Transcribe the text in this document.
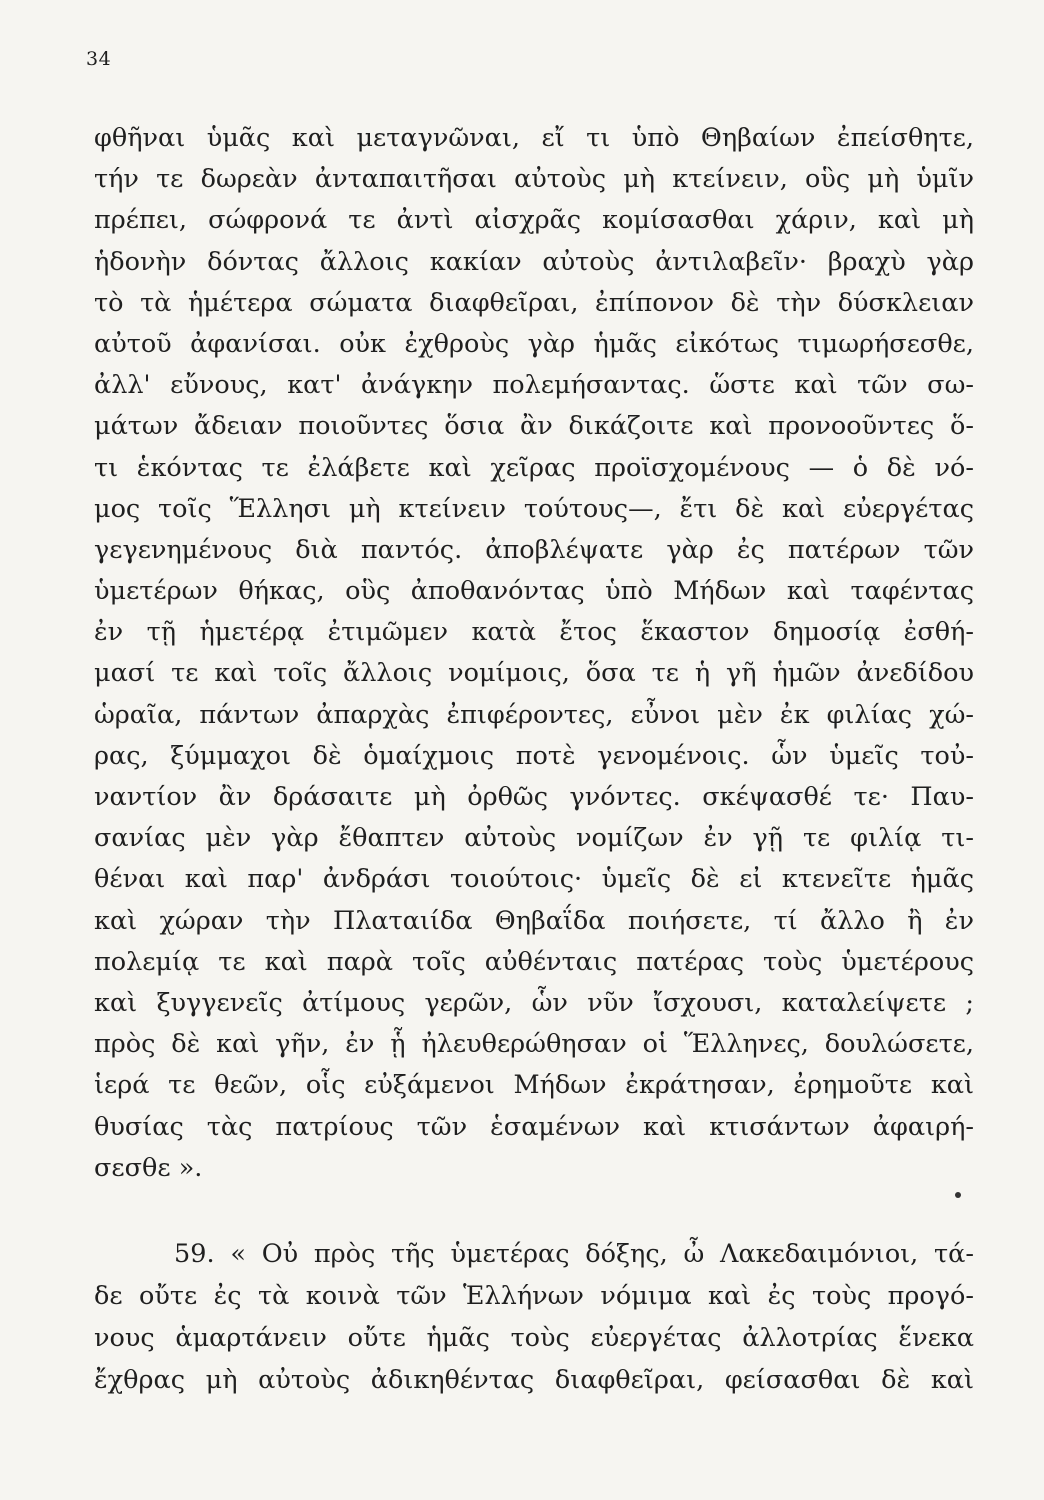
34
φθῆναι ὑμᾶς καὶ μεταγνῶναι, εἴ τι ὑπὸ Θηβαίων ἐπείσθητε,
τήν τε δωρεὰν ἀνταπαιτῆσαι αὐτοὺς μὴ κτείνειν, οὓς μὴ ὑμῖν
πρέπει, σώφρονά τε ἀντὶ αἰσχρᾶς κομίσασθαι χάριν, καὶ μὴ
ἡδονὴν δόντας ἄλλοις κακίαν αὐτοὺς ἀντιλαβεῖν· βραχὺ γὰρ
τὸ τὰ ἡμέτερα σώματα διαφθεῖραι, ἐπίπονον δὲ τὴν δύσκλειαν
αὐτοῦ ἀφανίσαι. οὐκ ἐχθροὺς γὰρ ἡμᾶς εἰκότως τιμωρήσεσθε,
ἀλλ' εὔνους, κατ' ἀνάγκην πολεμήσαντας. ὥστε καὶ τῶν σω-
μάτων ἄδειαν ποιοῦντες ὅσια ἂν δικάζοιτε καὶ προνοοῦντες ὅ-
τι ἑκόντας τε ἐλάβετε καὶ χεῖρας προϊσχομένους — ὁ δὲ νό-
μος τοῖς Ἕλλησι μὴ κτείνειν τούτους—, ἔτι δὲ καὶ εὐεργέτας
γεγενημένους διὰ παντός. ἀποβλέψατε γὰρ ἐς πατέρων τῶν
ὑμετέρων θήκας, οὓς ἀποθανόντας ὑπὸ Μήδων καὶ ταφέντας
ἐν τῇ ἡμετέρᾳ ἐτιμῶμεν κατὰ ἔτος ἕκαστον δημοσίᾳ ἐσθή-
μασί τε καὶ τοῖς ἄλλοις νομίμοις, ὅσα τε ἡ γῆ ἡμῶν ἀνεδίδου
ὡραῖα, πάντων ἀπαρχὰς ἐπιφέροντες, εὖνοι μὲν ἐκ φιλίας χώ-
ρας, ξύμμαχοι δὲ ὁμαίχμοις ποτὲ γενομένοις. ὧν ὑμεῖς τοὐ-
ναντίον ἂν δράσαιτε μὴ ὀρθῶς γνόντες. σκέψασθέ τε· Παυ-
σανίας μὲν γὰρ ἔθαπτεν αὐτοὺς νομίζων ἐν γῇ τε φιλίᾳ τι-
θέναι καὶ παρ' ἀνδράσι τοιούτοις· ὑμεῖς δὲ εἰ κτενεῖτε ἡμᾶς
καὶ χώραν τὴν Πλαταιίδα Θηβαΐδα ποιήσετε, τί ἄλλο ἢ ἐν
πολεμίᾳ τε καὶ παρὰ τοῖς αὐθένταις πατέρας τοὺς ὑμετέρους
καὶ ξυγγενεῖς ἀτίμους γερῶν, ὧν νῦν ἴσχουσι, καταλείψετε ;
πρὸς δὲ καὶ γῆν, ἐν ᾗ ἠλευθερώθησαν οἱ Ἕλληνες, δουλώσετε,
ἱερά τε θεῶν, οἷς εὐξάμενοι Μήδων ἐκράτησαν, ἐρημοῦτε καὶ
θυσίας τὰς πατρίους τῶν ἑσαμένων καὶ κτισάντων ἀφαιρή-
σεσθε ».
59. « Οὐ πρὸς τῆς ὑμετέρας δόξης, ὦ Λακεδαιμόνιοι, τά-
δε οὔτε ἐς τὰ κοινὰ τῶν Ἑλλήνων νόμιμα καὶ ἐς τοὺς προγό-
νους ἁμαρτάνειν οὔτε ἡμᾶς τοὺς εὐεργέτας ἀλλοτρίας ἕνεκα
ἔχθρας μὴ αὐτοὺς ἀδικηθέντας διαφθεῖραι, φείσασθαι δὲ καὶ
